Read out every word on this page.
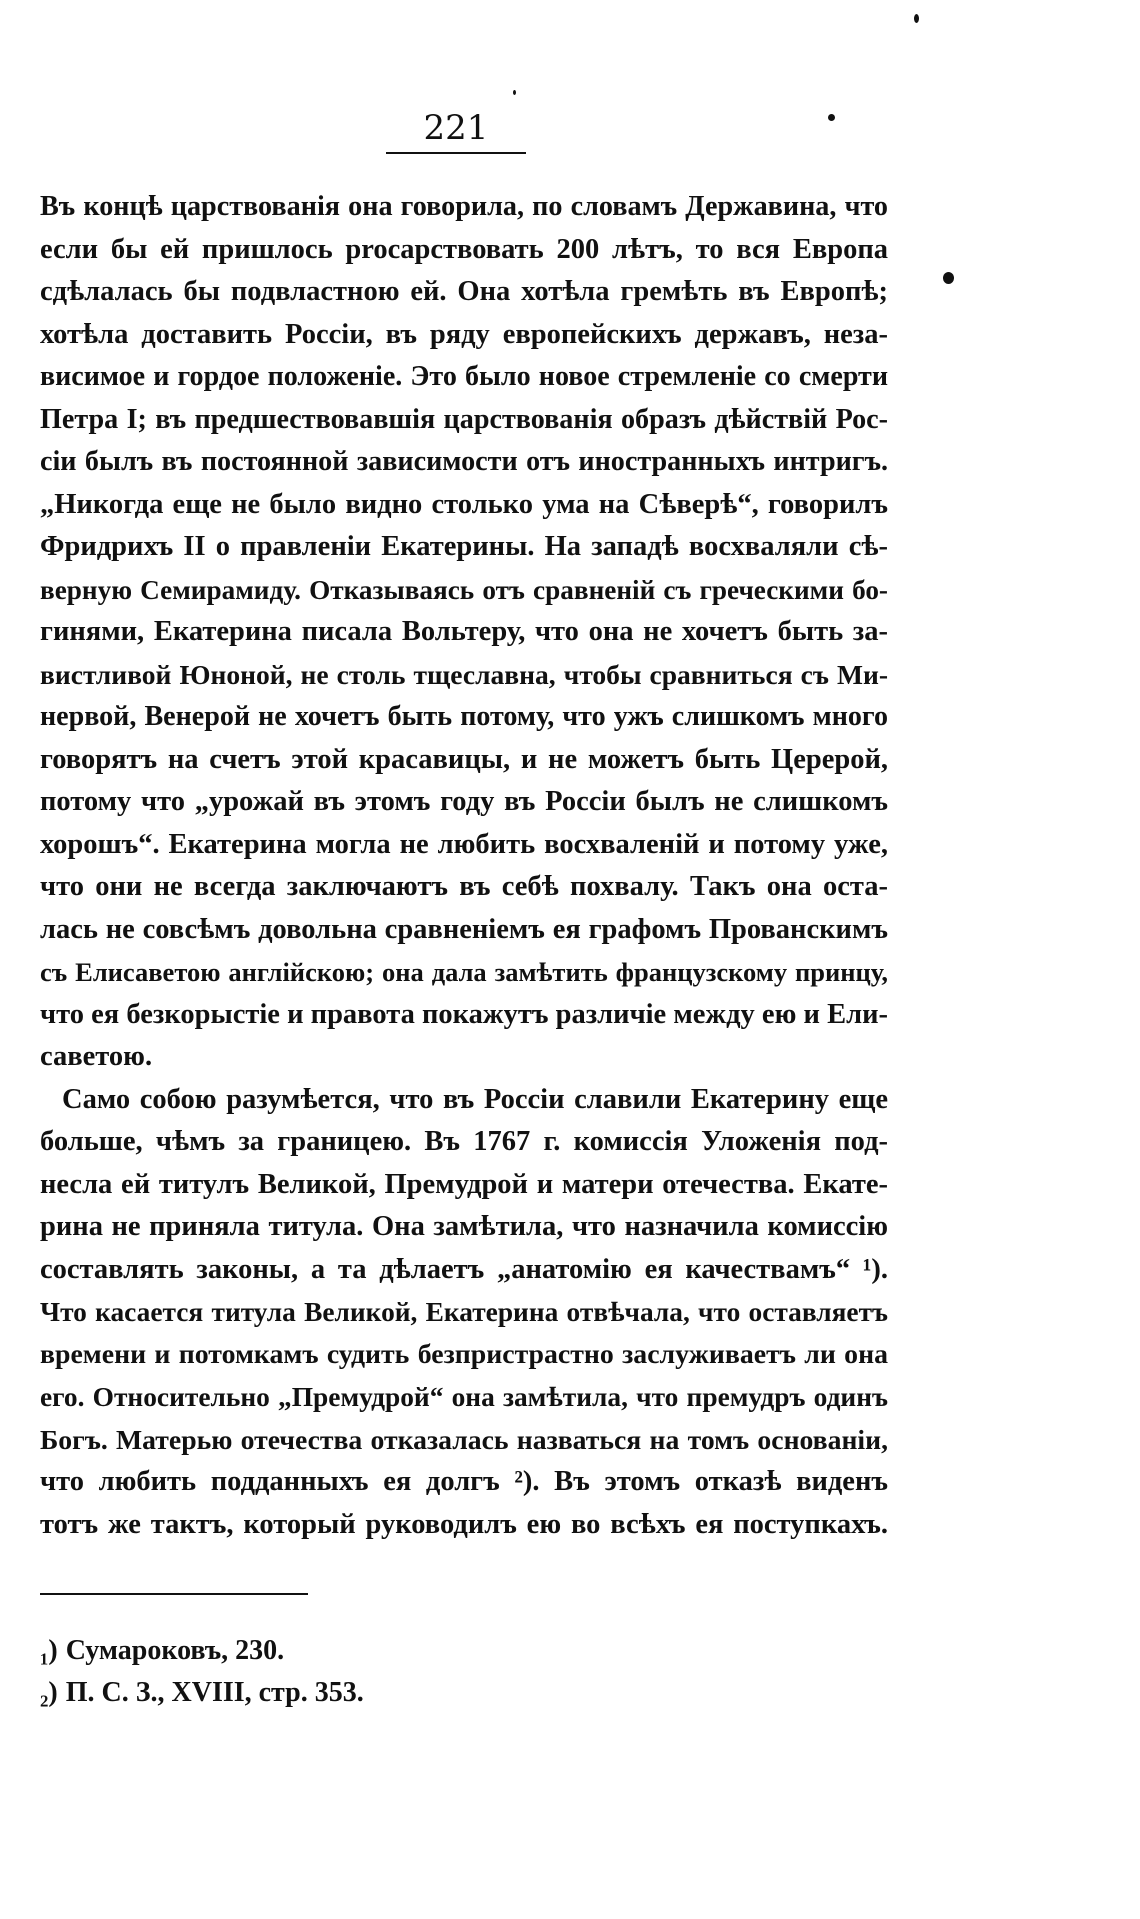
221
Въ концѣ царствованія она говорила, по словамъ Державина, что
если бы ей пришлось procарствовать 200 лѣтъ, то вся Европа
сдѣлалась бы подвластною ей. Она хотѣла гремѣть въ Европѣ;
хотѣла доставить Россіи, въ ряду европейскихъ державъ, неза-
висимое и гордое положеніе. Это было новое стремленіе со смерти
Петра I; въ предшествовавшія царствованія образъ дѣйствій Рос-
сіи былъ въ постоянной зависимости отъ иностранныхъ интригъ.
„Никогда еще не было видно столько ума на Сѣверѣ“, говорилъ
Фридрихъ II о правленіи Екатерины. На западѣ восхваляли сѣ-
верную Семирамиду. Отказываясь отъ сравненій съ греческими бо-
гинями, Екатерина писала Вольтеру, что она не хочетъ быть за-
вистливой Юноной, не столь тщеславна, чтобы сравниться съ Ми-
нервой, Венерой не хочетъ быть потому, что ужъ слишкомъ много
говорятъ на счетъ этой красавицы, и не можетъ быть Церерой,
потому что „урожай въ этомъ году въ Россіи былъ не слишкомъ
хорошъ“. Екатерина могла не любить восхваленій и потому уже,
что они не всегда заключаютъ въ себѣ похвалу. Такъ она оста-
лась не совсѣмъ довольна сравненіемъ ея графомъ Прованскимъ
съ Елисаветою англійскою; она дала замѣтить французскому принцу,
что ея безкорыстіе и правота покажутъ различіе между ею и Ели-
саветою.
Само собою разумѣется, что въ Россіи славили Екатерину еще
больше, чѣмъ за границею. Въ 1767 г. комиссія Уложенія под-
несла ей титулъ Великой, Премудрой и матери отечества. Екате-
рина не приняла титула. Она замѣтила, что назначила комиссію
составлять законы, а та дѣлаетъ „анатомію ея качествамъ“ ¹).
Что касается титула Великой, Екатерина отвѣчала, что оставляетъ
времени и потомкамъ судить безпристрастно заслуживаетъ ли она
его. Относительно „Премудрой“ она замѣтила, что премудръ одинъ
Богъ. Матерью отечества отказалась назваться на томъ основаніи,
что любить подданныхъ ея долгъ ²). Въ этомъ отказѣ виденъ
тотъ же тактъ, который руководилъ ею во всѣхъ ея поступкахъ.
₁) Сумароковъ, 230.
₂) П. С. З., XVIII, стр. 353.
